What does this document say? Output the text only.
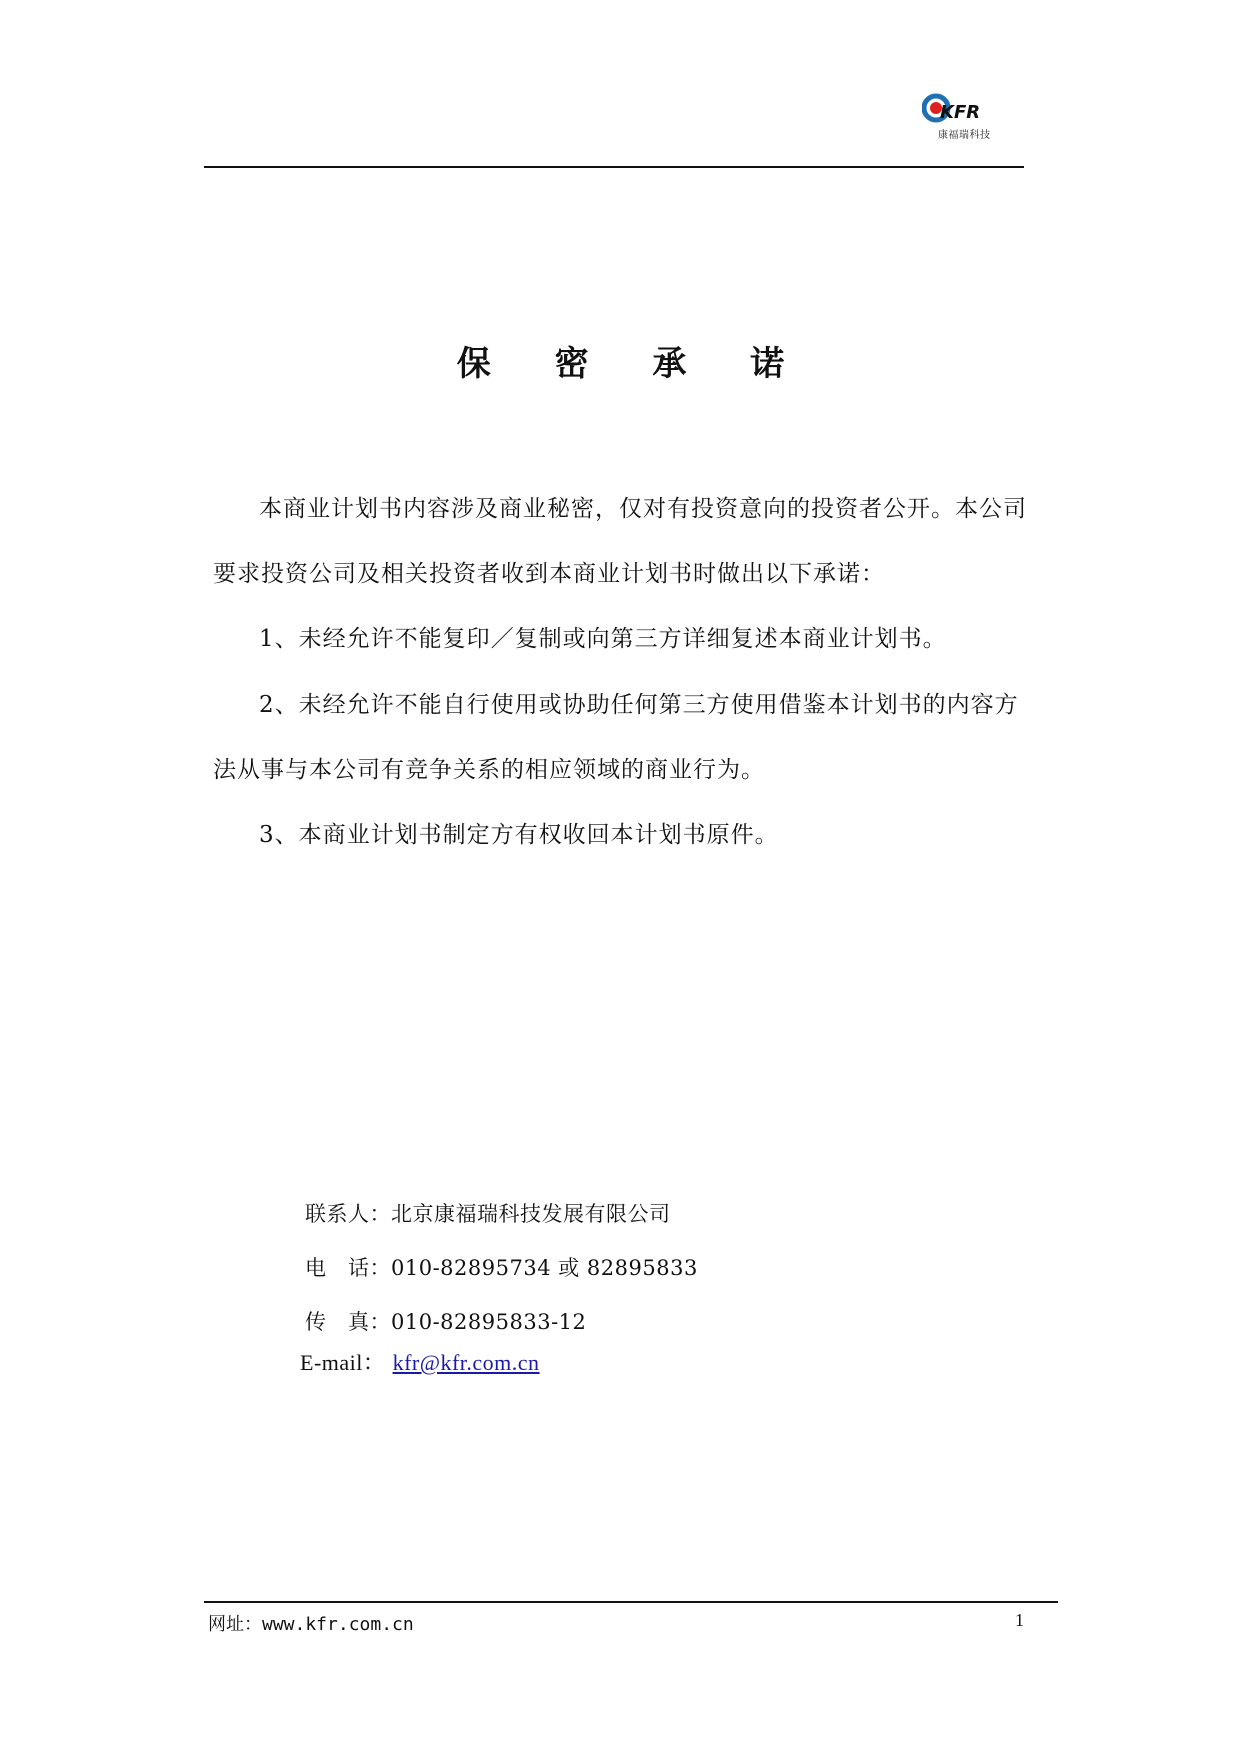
KFR
康福瑞科技
保 密 承 诺
本商业计划书内容涉及商业秘密，仅对有投资意向的投资者公开。本公司
要求投资公司及相关投资者收到本商业计划书时做出以下承诺：
1、未经允许不能复印／复制或向第三方详细复述本商业计划书。
2、未经允许不能自行使用或协助任何第三方使用借鉴本计划书的内容方
法从事与本公司有竞争关系的相应领域的商业行为。
3、本商业计划书制定方有权收回本计划书原件。
联系人：北京康福瑞科技发展有限公司
电　话：010-82895734 或 82895833
传　真：010-82895833-12
E-mail： kfr@kfr.com.cn
网址：www.kfr.com.cn	1
